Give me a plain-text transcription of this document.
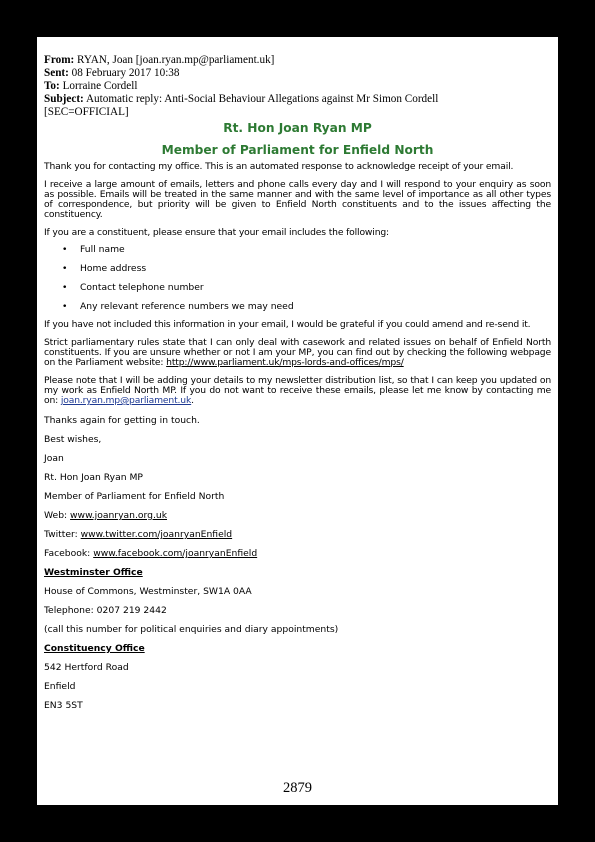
From: RYAN, Joan [joan.ryan.mp@parliament.uk]
Sent: 08 February 2017 10:38
To: Lorraine Cordell
Subject: Automatic reply: Anti-Social Behaviour Allegations against Mr Simon Cordell
[SEC=OFFICIAL]
Rt. Hon Joan Ryan MP
Member of Parliament for Enfield North

Thank you for contacting my office. This is an automated response to acknowledge receipt of your email.

I receive a large amount of emails, letters and phone calls every day and I will respond to your enquiry as soon as possible. Emails will be treated in the same manner and with the same level of importance as all other types of correspondence, but priority will be given to Enfield North constituents and to the issues affecting the constituency.

If you are a constituent, please ensure that your email includes the following:

• Full name
• Home address
• Contact telephone number
• Any relevant reference numbers we may need

If you have not included this information in your email, I would be grateful if you could amend and re-send it.

Strict parliamentary rules state that I can only deal with casework and related issues on behalf of Enfield North constituents. If you are unsure whether or not I am your MP, you can find out by checking the following webpage on the Parliament website: http://www.parliament.uk/mps-lords-and-offices/mps/

Please note that I will be adding your details to my newsletter distribution list, so that I can keep you updated on my work as Enfield North MP. If you do not want to receive these emails, please let me know by contacting me on: joan.ryan.mp@parliament.uk.

Thanks again for getting in touch.

Best wishes,

Joan

Rt. Hon Joan Ryan MP

Member of Parliament for Enfield North

Web: www.joanryan.org.uk

Twitter: www.twitter.com/joanryanEnfield

Facebook: www.facebook.com/joanryanEnfield

Westminster Office

House of Commons, Westminster, SW1A 0AA

Telephone: 0207 219 2442

(call this number for political enquiries and diary appointments)

Constituency Office

542 Hertford Road

Enfield

EN3 5ST

2879
